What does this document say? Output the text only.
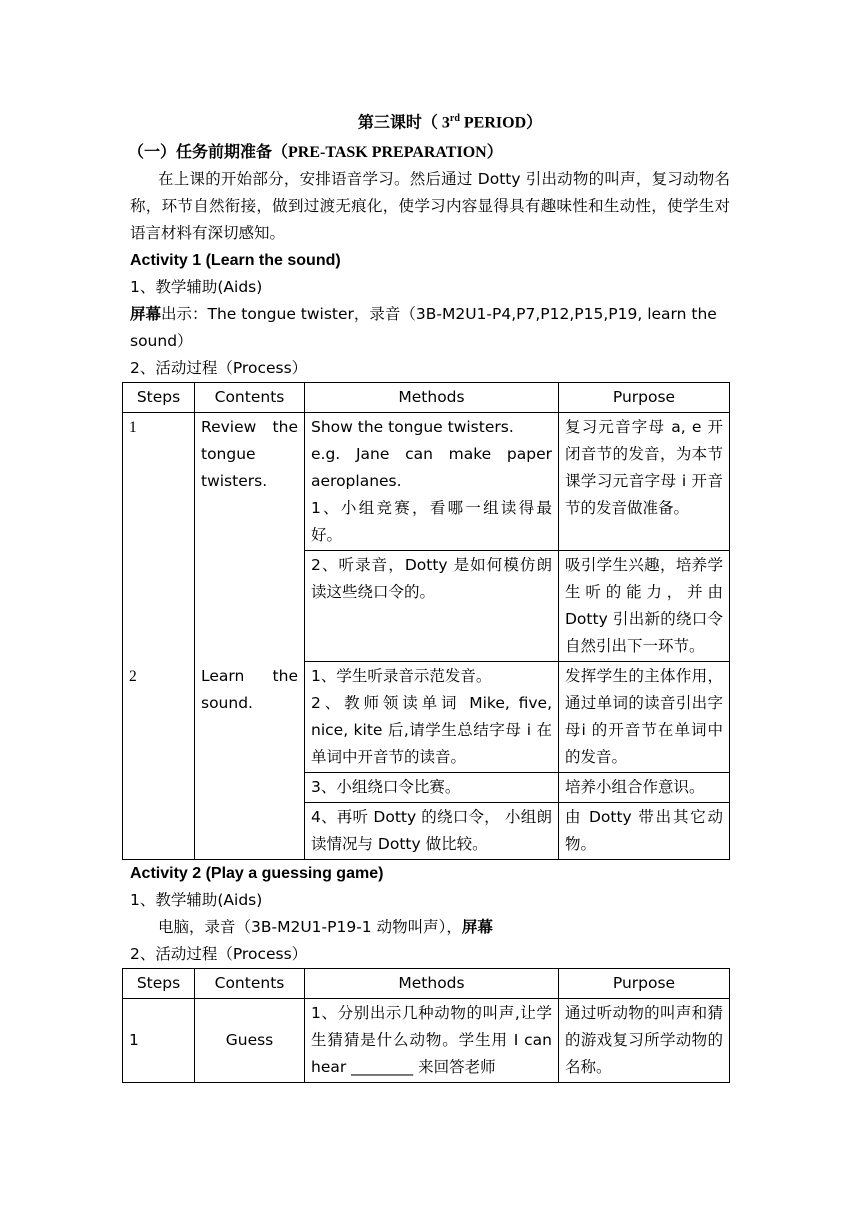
第三课时（ 3rd PERIOD）
（一）任务前期准备（PRE-TASK PREPARATION）

在上课的开始部分，安排语音学习。然后通过 Dotty 引出动物的叫声，复习动物名称，环节自然衔接，做到过渡无痕化，使学习内容显得具有趣味性和生动性，使学生对语言材料有深切感知。

Activity 1 (Learn the sound)
1、教学辅助(Aids)
屏幕出示：The tongue twister，录音（3B-M2U1-P4,P7,P12,P15,P19, learn the sound）
2、活动过程（Process）
Steps	Contents	Methods	Purpose
1	Review the tongue twisters.	Show the tongue twisters.
e.g. Jane can make paper aeroplanes.
1、小组竞赛，看哪一组读得最好。	复习元音字母 a, e 开闭音节的发音，为本节课学习元音字母 i 开音节的发音做准备。
		2、听录音，Dotty 是如何模仿朗读这些绕口令的。	吸引学生兴趣，培养学生听的能力，并由 Dotty 引出新的绕口令自然引出下一环节。
2	Learn the sound.	1、学生听录音示范发音。
2、教师领读单词 Mike, five, nice, kite 后,请学生总结字母 i 在单词中开音节的读音。	发挥学生的主体作用，通过单词的读音引出字母i 的开音节在单词中的发音。
		3、小组绕口令比赛。	培养小组合作意识。
		4、再听 Dotty 的绕口令， 小组朗读情况与 Dotty 做比较。	由 Dotty 带出其它动物。
Activity 2 (Play a guessing game)
1、教学辅助(Aids)
电脑，录音（3B-M2U1-P19-1 动物叫声），屏幕
2、活动过程（Process）
Steps	Contents	Methods	Purpose
1	Guess	1、分别出示几种动物的叫声,让学生猜猜是什么动物。学生用 I can hear ________ 来回答老师	通过听动物的叫声和猜的游戏复习所学动物的名称。
